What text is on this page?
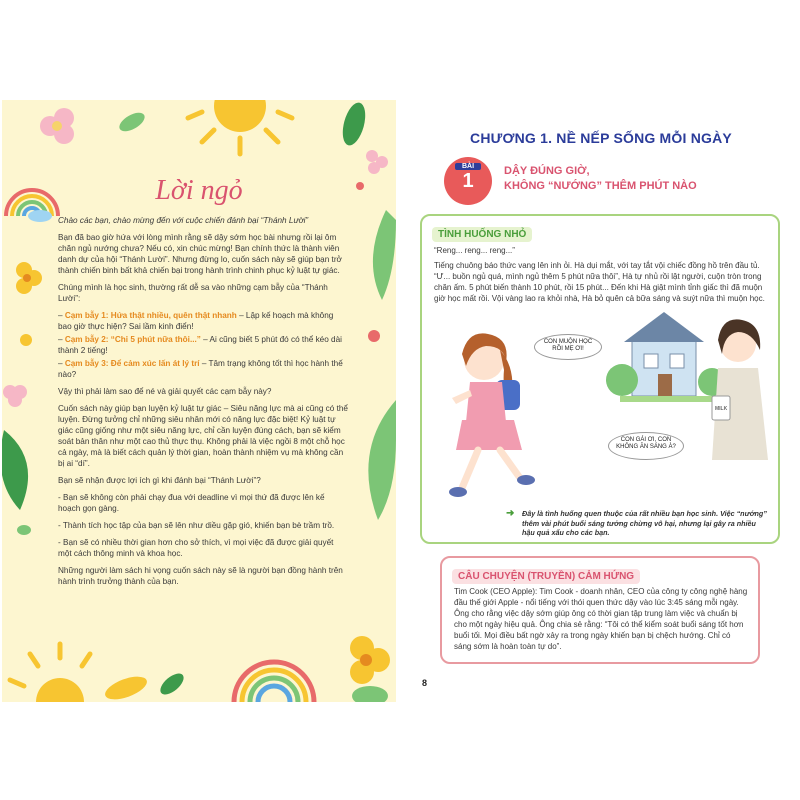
Lời ngỏ

Chào các bạn, chào mừng đến với cuộc chiến đánh bại “Thánh Lười”

Bạn đã bao giờ hứa với lòng mình rằng sẽ dậy sớm học bài nhưng rồi lại ôm chăn ngủ nướng chưa? Nếu có, xin chúc mừng! Bạn chính thức là thành viên danh dự của hội “Thánh Lười”. Nhưng đừng lo, cuốn sách này sẽ giúp bạn trở thành chiến binh bất khả chiến bại trong hành trình chinh phục kỷ luật tự giác.

Chúng mình là học sinh, thường rất dễ sa vào những cạm bẫy của “Thánh Lười”:

– Cạm bẫy 1: Hứa thật nhiều, quên thật nhanh – Lập kế hoạch mà không bao giờ thực hiện? Sai lầm kinh điển!

– Cạm bẫy 2: “Chỉ 5 phút nữa thôi...” – Ai cũng biết 5 phút đó có thể kéo dài thành 2 tiếng!

– Cạm bẫy 3: Để cảm xúc lấn át lý trí – Tâm trạng không tốt thì học hành thế nào?

Vậy thì phải làm sao để né và giải quyết các cạm bẫy này?

Cuốn sách này giúp bạn luyện kỷ luật tự giác – Siêu năng lực mà ai cũng có thể luyện. Đừng tưởng chỉ những siêu nhân mới có năng lực đặc biệt! Kỷ luật tự giác cũng giống như một siêu năng lực, chỉ cần luyện đúng cách, bạn sẽ kiểm soát bản thân như một cao thủ thực thụ. Không phải là việc ngồi 8 một chỗ học cả ngày, mà là biết cách quản lý thời gian, hoàn thành nhiệm vụ mà không cần bị ai “dí”.

Bạn sẽ nhận được lợi ích gì khi đánh bại “Thánh Lười”?

- Bạn sẽ không còn phải chạy đua với deadline vì mọi thứ đã được lên kế hoạch gọn gàng.

- Thành tích học tập của bạn sẽ lên như diều gặp gió, khiến bạn bè trầm trồ.

- Bạn sẽ có nhiều thời gian hơn cho sở thích, vì mọi việc đã được giải quyết một cách thông minh và khoa học.

Những người làm sách hi vọng cuốn sách này sẽ là người bạn đồng hành trên hành trình trưởng thành của bạn.

CHƯƠNG 1. NỀ NẾP SỐNG MỖI NGÀY
BÀI
1	DẬY ĐÚNG GIỜ,
KHÔNG “NƯỚNG” THÊM PHÚT NÀO
TÌNH HUỐNG NHỎ
“Reng... reng... reng...”
Tiếng chuông báo thức vang lên inh ỏi. Hà dụi mắt, với tay tắt vội chiếc đồng hồ trên đầu tủ. “Ư... buồn ngủ quá, mình ngủ thêm 5 phút nữa thôi”, Hà tự nhủ rồi lật người, cuộn tròn trong chăn ấm. 5 phút biến thành 10 phút, rồi 15 phút... Đến khi Hà giật mình tỉnh giấc thì đã muộn giờ học mất rồi. Vội vàng lao ra khỏi nhà, Hà bỏ quên cả bữa sáng và suýt nữa thì muộn học.
MILK
CON MUỘN HỌC RỒI MẸ ƠI!
CON GÁI ƠI, CON KHÔNG ĂN SÁNG À?
➜ Đây là tình huống quen thuộc của rất nhiều bạn học sinh. Việc “nướng” thêm vài phút buổi sáng tưởng chừng vô hại, nhưng lại gây ra nhiều hậu quả xấu cho các bạn.
CÂU CHUYỆN (TRUYỀN) CẢM HỨNG
Tim Cook (CEO Apple): Tim Cook - doanh nhân, CEO của công ty công nghệ hàng đầu thế giới Apple - nổi tiếng với thói quen thức dậy vào lúc 3:45 sáng mỗi ngày. Ông cho rằng việc dậy sớm giúp ông có thời gian tập trung làm việc và chuẩn bị cho một ngày hiệu quả. Ông chia sẻ rằng: “Tôi có thể kiểm soát buổi sáng tốt hơn buổi tối. Mọi điều bất ngờ xảy ra trong ngày khiến bạn bị chệch hướng. Chỉ có sáng sớm là hoàn toàn tự do”.
8
